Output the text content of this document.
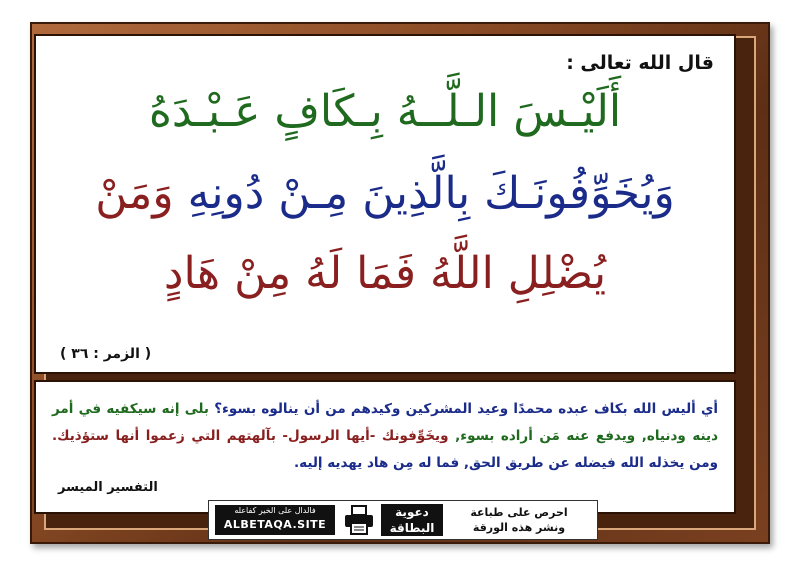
قال الله تعالى :
أَلَيْـسَ الـلَّــهُ بِـكَافٍ عَـبْـدَهُ
وَيُخَوِّفُونَـكَ بِالَّذِينَ مِـنْ دُونِهِ وَمَنْ
يُضْلِلِ اللَّهُ فَمَا لَهُ مِنْ هَادٍ
( الزمر : ٣٦ )
أي أليس الله بكاف عبده محمدًا وعيد المشركين وكيدهم من أن ينالوه بسوء؟ بلى إنه سيكفيه في أمر دينه ودنياه, ويدفع عنه مَن أراده بسوء, ويخَوِّفونك -أيها الرسول- بآلهتهم التي زعموا أنها ستؤذيك. ومن يخذله الله فيضله عن طريق الحق, فما له مِن هاد يهديه إليه.
التفسير الميسر
فالدال على الخير كفاعله
ALBETAQA.SITE
دعوية
البطاقة
احرص على طباعة
ونشر هذه الورقة
